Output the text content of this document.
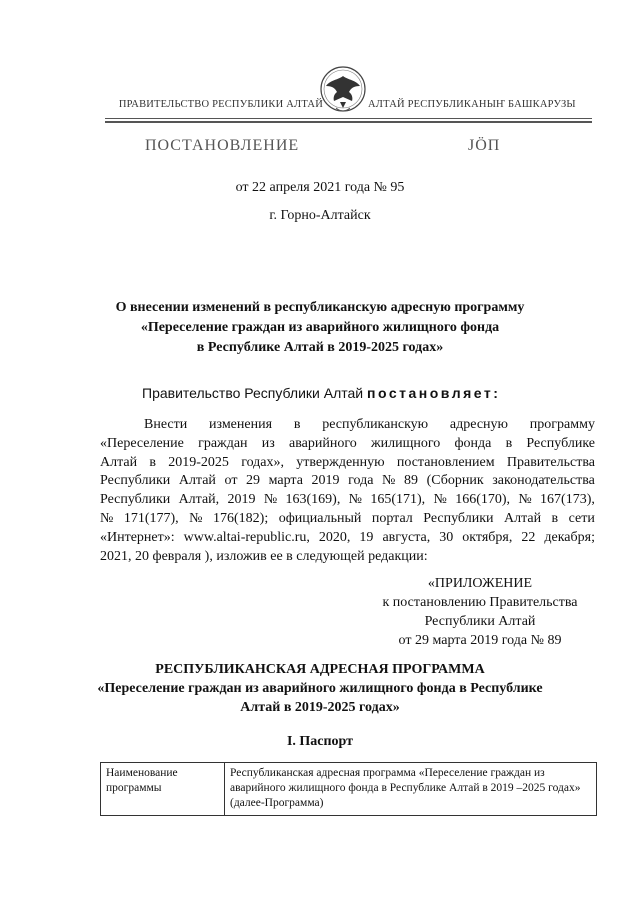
ПРАВИТЕЛЬСТВО РЕСПУБЛИКИ АЛТАЙ	АЛТАЙ РЕСПУБЛИКАНЫҤ БАШКАРУЗЫ
ПОСТАНОВЛЕНИЕ	ЈӦП
от 22 апреля 2021 года № 95
г. Горно-Алтайск
О внесении изменений в республиканскую адресную программу
«Переселение граждан из аварийного жилищного фонда
в Республике Алтай в 2019-2025 годах»
Правительство Республики Алтай постановляет:
Внести изменения в республиканскую адресную программу
«Переселение граждан из аварийного жилищного фонда в Республике
Алтай в 2019-2025 годах», утвержденную постановлением Правительства
Республики Алтай от 29 марта 2019 года № 89 (Сборник законодательства
Республики Алтай, 2019 № 163(169), № 165(171), № 166(170), № 167(173),
№ 171(177), № 176(182); официальный портал Республики Алтай в сети
«Интернет»: www.altai-republic.ru, 2020, 19 августа, 30 октября, 22 декабря;
2021, 20 февраля ), изложив ее в следующей редакции:
«ПРИЛОЖЕНИЕ
к постановлению Правительства
Республики Алтай
от 29 марта 2019 года № 89
РЕСПУБЛИКАНСКАЯ АДРЕСНАЯ ПРОГРАММА
«Переселение граждан из аварийного жилищного фонда в Республике
Алтай в 2019-2025 годах»
I. Паспорт
Наименование программы	Республиканская адресная программа «Переселение граждан из аварийного жилищного фонда в Республике Алтай в 2019 –2025 годах» (далее-Программа)
